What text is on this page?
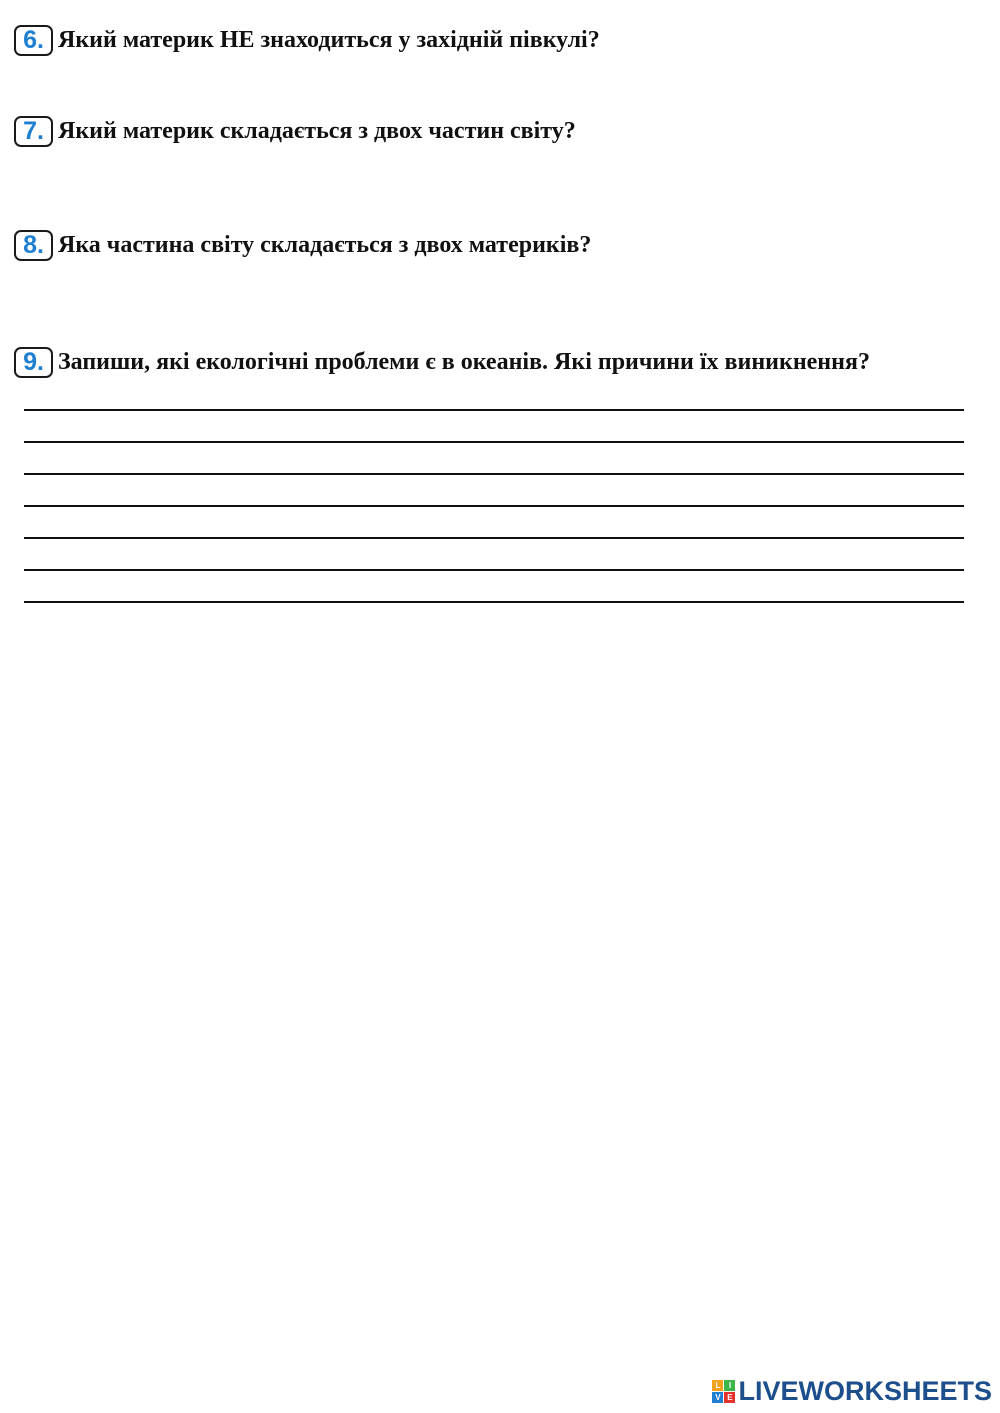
6. Який материк НЕ знаходиться у західній півкулі?
7. Який материк складається з двох частин світу?
8. Яка частина світу складається з двох материків?
9. Запиши, які екологічні проблеми є в океанів. Які причини їх виникнення?
L	I
V E LIVEWORKSHEETS
